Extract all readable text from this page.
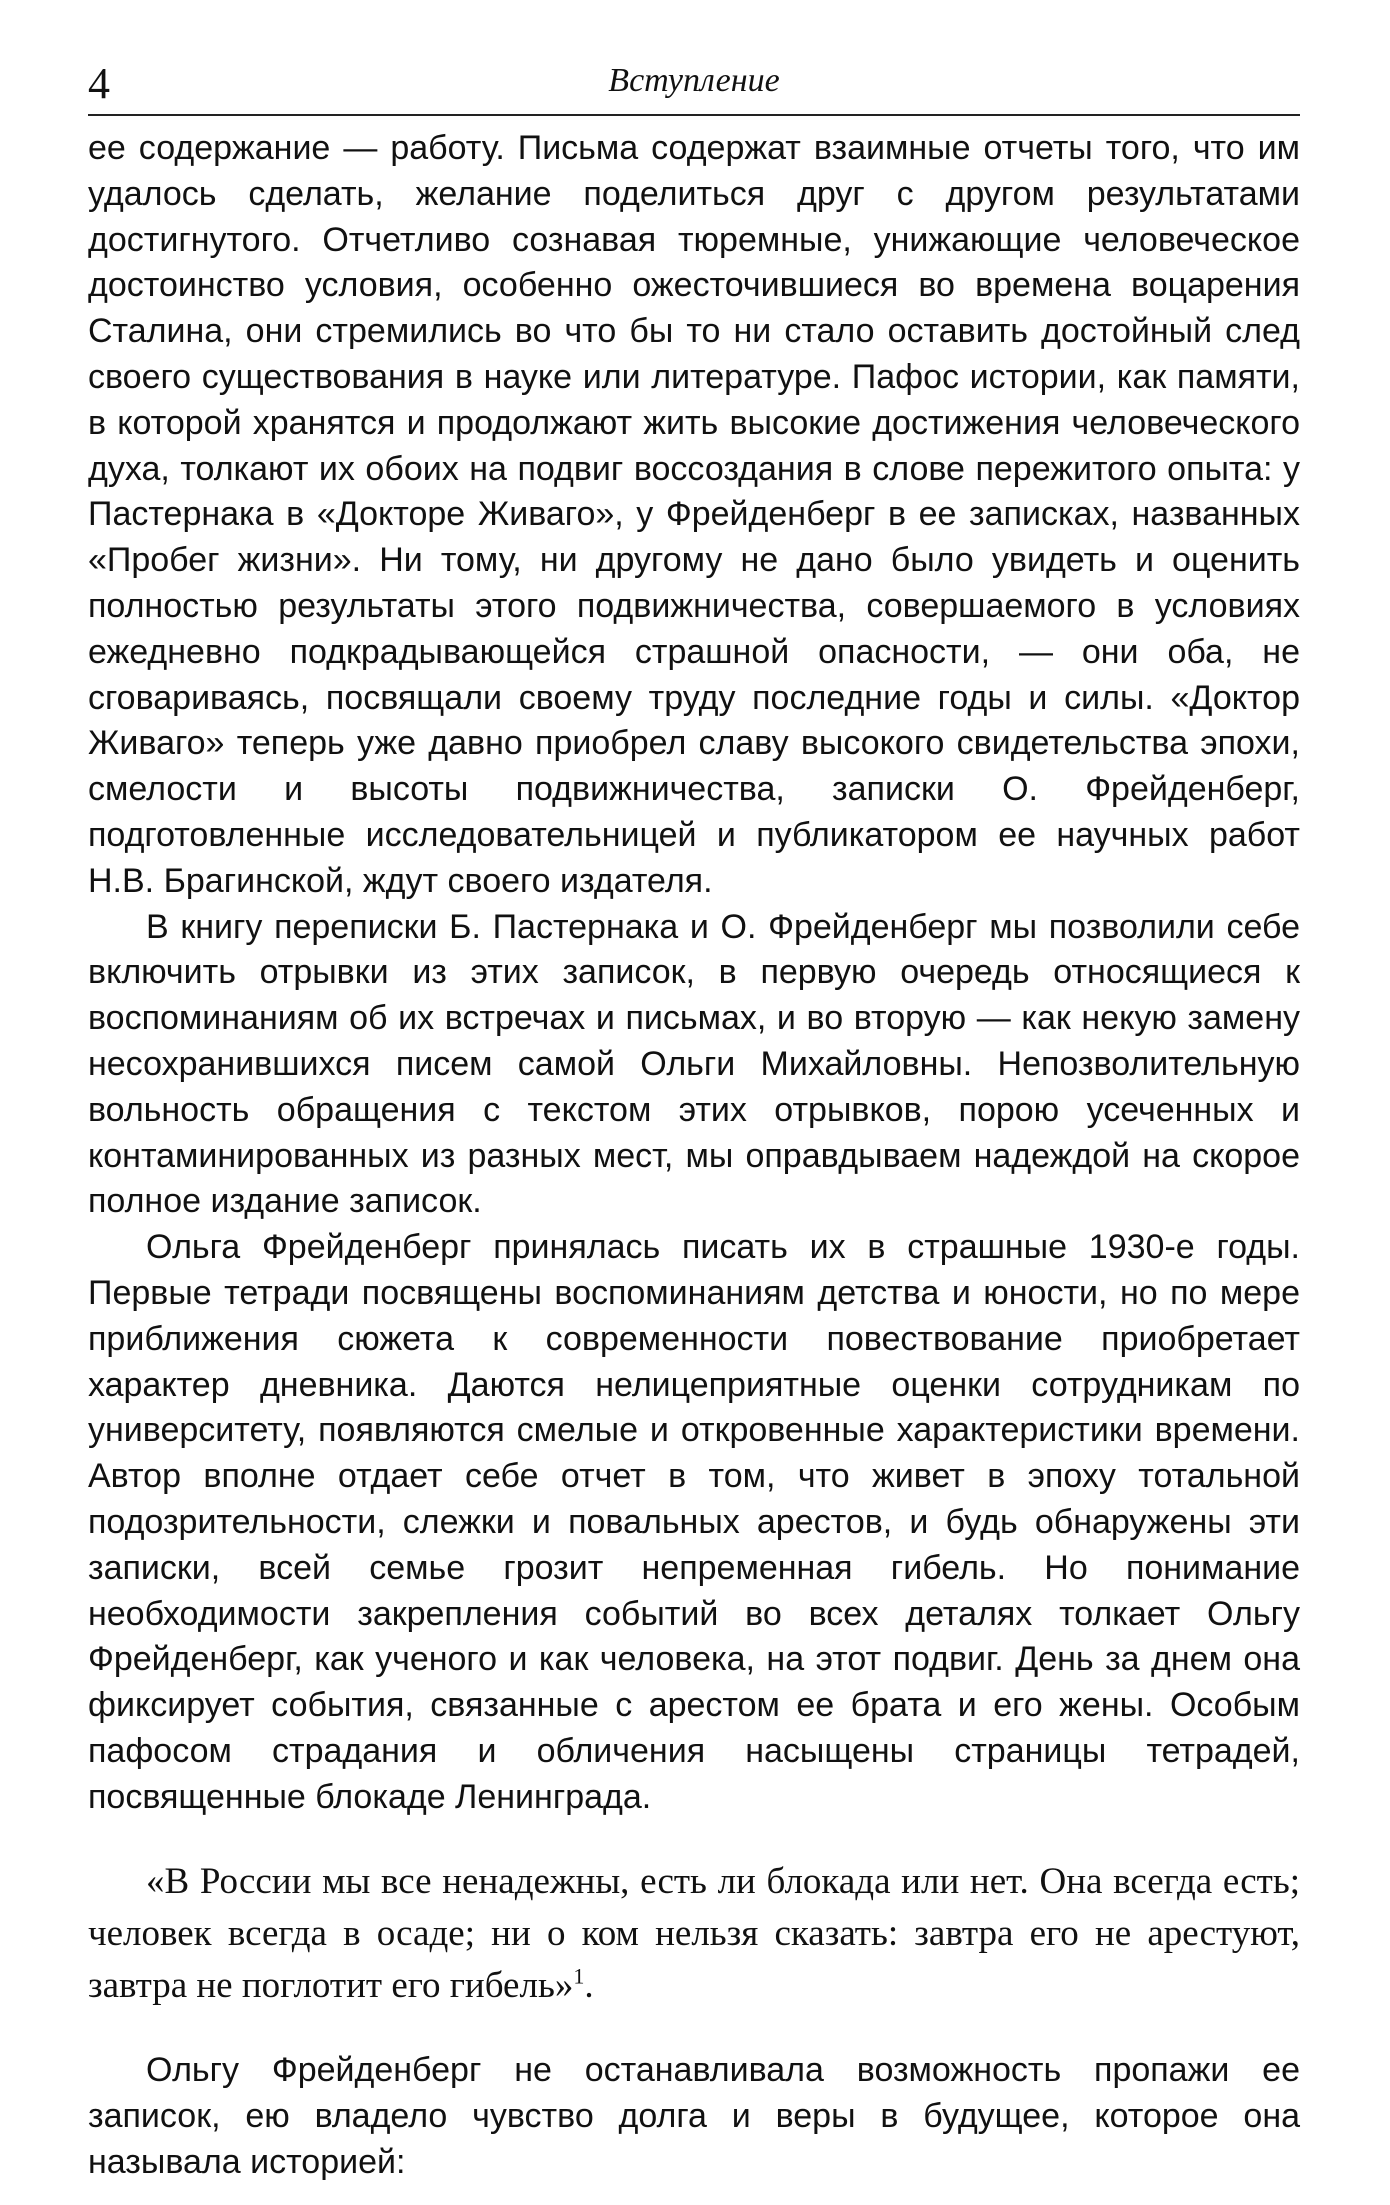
4	Вступление

ее содержание — работу. Письма содержат взаимные отчеты того, что им удалось сделать, желание поделиться друг с другом результатами достигнутого. Отчетливо сознавая тюремные, унижающие человеческое достоинство условия, особенно ожесточившиеся во времена воцарения Сталина, они стремились во что бы то ни стало оставить достойный след своего существования в науке или литературе. Пафос истории, как памяти, в которой хранятся и продолжают жить высокие достижения человеческого духа, толкают их обоих на подвиг воссоздания в слове пережитого опыта: у Пастернака в «Докторе Живаго», у Фрейденберг в ее записках, названных «Пробег жизни». Ни тому, ни другому не дано было увидеть и оценить полностью результаты этого подвижничества, совершаемого в условиях ежедневно подкрадывающейся страшной опасности, — они оба, не сговариваясь, посвящали своему труду последние годы и силы. «Доктор Живаго» теперь уже давно приобрел славу высокого свидетельства эпохи, смелости и высоты подвижничества, записки О. Фрейденберг, подготовленные исследовательницей и публикатором ее научных работ Н.В. Брагинской, ждут своего издателя.

В книгу переписки Б. Пастернака и О. Фрейденберг мы позволили себе включить отрывки из этих записок, в первую очередь относящиеся к воспоминаниям об их встречах и письмах, и во вторую — как некую замену несохранившихся писем самой Ольги Михайловны. Непозволительную вольность обращения с текстом этих отрывков, порою усеченных и контаминированных из разных мест, мы оправдываем надеждой на скорое полное издание записок.

Ольга Фрейденберг принялась писать их в страшные 1930-е годы. Первые тетради посвящены воспоминаниям детства и юности, но по мере приближения сюжета к современности повествование приобретает характер дневника. Даются нелицеприятные оценки сотрудникам по университету, появляются смелые и откровенные характеристики времени. Автор вполне отдает себе отчет в том, что живет в эпоху тотальной подозрительности, слежки и повальных арестов, и будь обнаружены эти записки, всей семье грозит непременная гибель. Но понимание необходимости закрепления событий во всех деталях толкает Ольгу Фрейденберг, как ученого и как человека, на этот подвиг. День за днем она фиксирует события, связанные с арестом ее брата и его жены. Особым пафосом страдания и обличения насыщены страницы тетрадей, посвященные блокаде Ленинграда.

«В России мы все ненадежны, есть ли блокада или нет. Она всегда есть; человек всегда в осаде; ни о ком нельзя сказать: завтра его не арестуют, завтра не поглотит его гибель»$^1$.

Ольгу Фрейденберг не останавливала возможность пропажи ее записок, ею владело чувство долга и веры в будущее, которое она называла историей:
